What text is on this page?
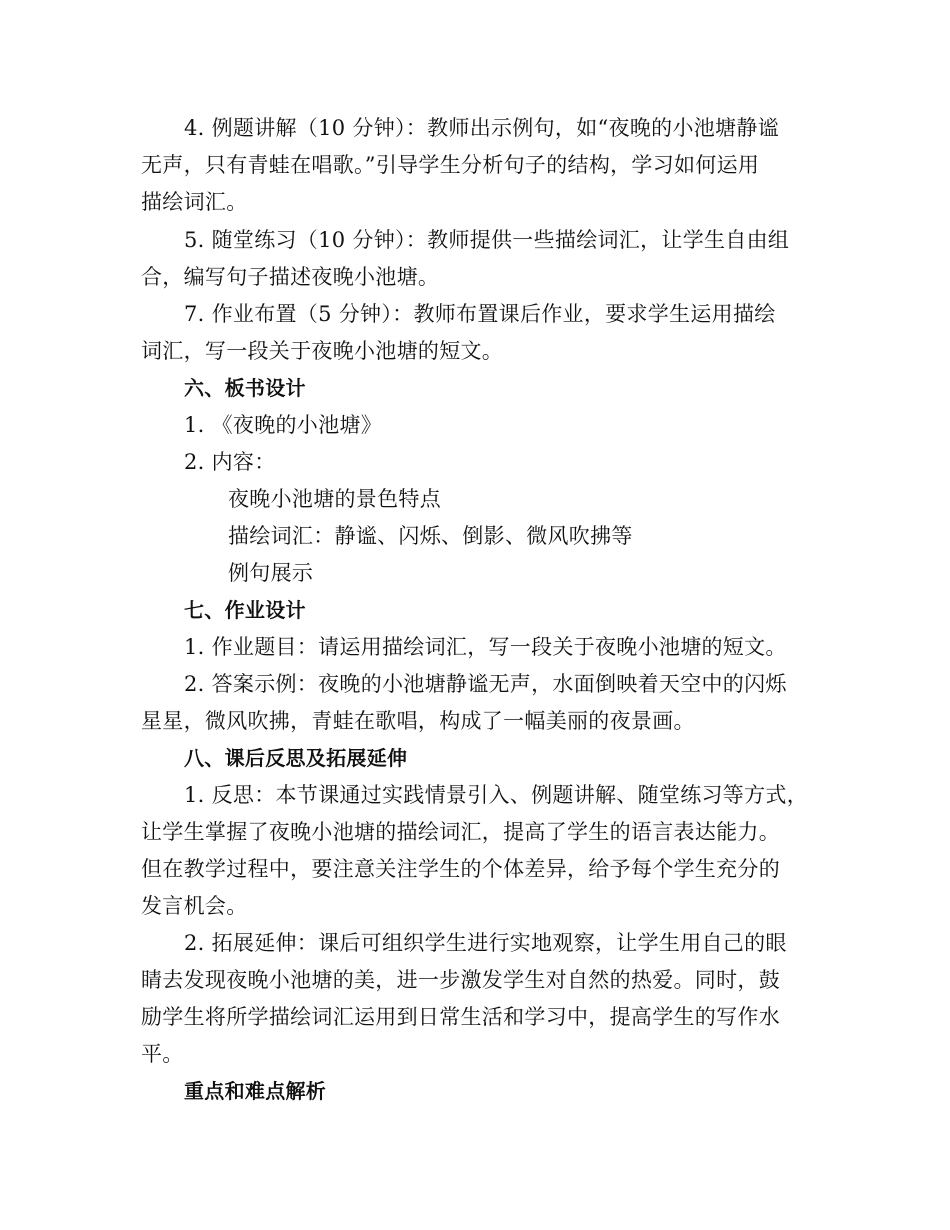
4. 例题讲解（10 分钟）：教师出示例句，如“夜晚的小池塘静谧
无声，只有青蛙在唱歌。”引导学生分析句子的结构，学习如何运用
描绘词汇。
5. 随堂练习（10 分钟）：教师提供一些描绘词汇，让学生自由组
合，编写句子描述夜晚小池塘。
7. 作业布置（5 分钟）：教师布置课后作业，要求学生运用描绘
词汇，写一段关于夜晚小池塘的短文。
六、板书设计
1. 《夜晚的小池塘》
2. 内容：
夜晚小池塘的景色特点
描绘词汇：静谧、闪烁、倒影、微风吹拂等
例句展示
七、作业设计
1. 作业题目：请运用描绘词汇，写一段关于夜晚小池塘的短文。
2. 答案示例：夜晚的小池塘静谧无声，水面倒映着天空中的闪烁
星星，微风吹拂，青蛙在歌唱，构成了一幅美丽的夜景画。
八、课后反思及拓展延伸
1. 反思：本节课通过实践情景引入、例题讲解、随堂练习等方式，
让学生掌握了夜晚小池塘的描绘词汇，提高了学生的语言表达能力。
但在教学过程中，要注意关注学生的个体差异，给予每个学生充分的
发言机会。
2. 拓展延伸：课后可组织学生进行实地观察，让学生用自己的眼
睛去发现夜晚小池塘的美，进一步激发学生对自然的热爱。同时，鼓
励学生将所学描绘词汇运用到日常生活和学习中，提高学生的写作水
平。
重点和难点解析
